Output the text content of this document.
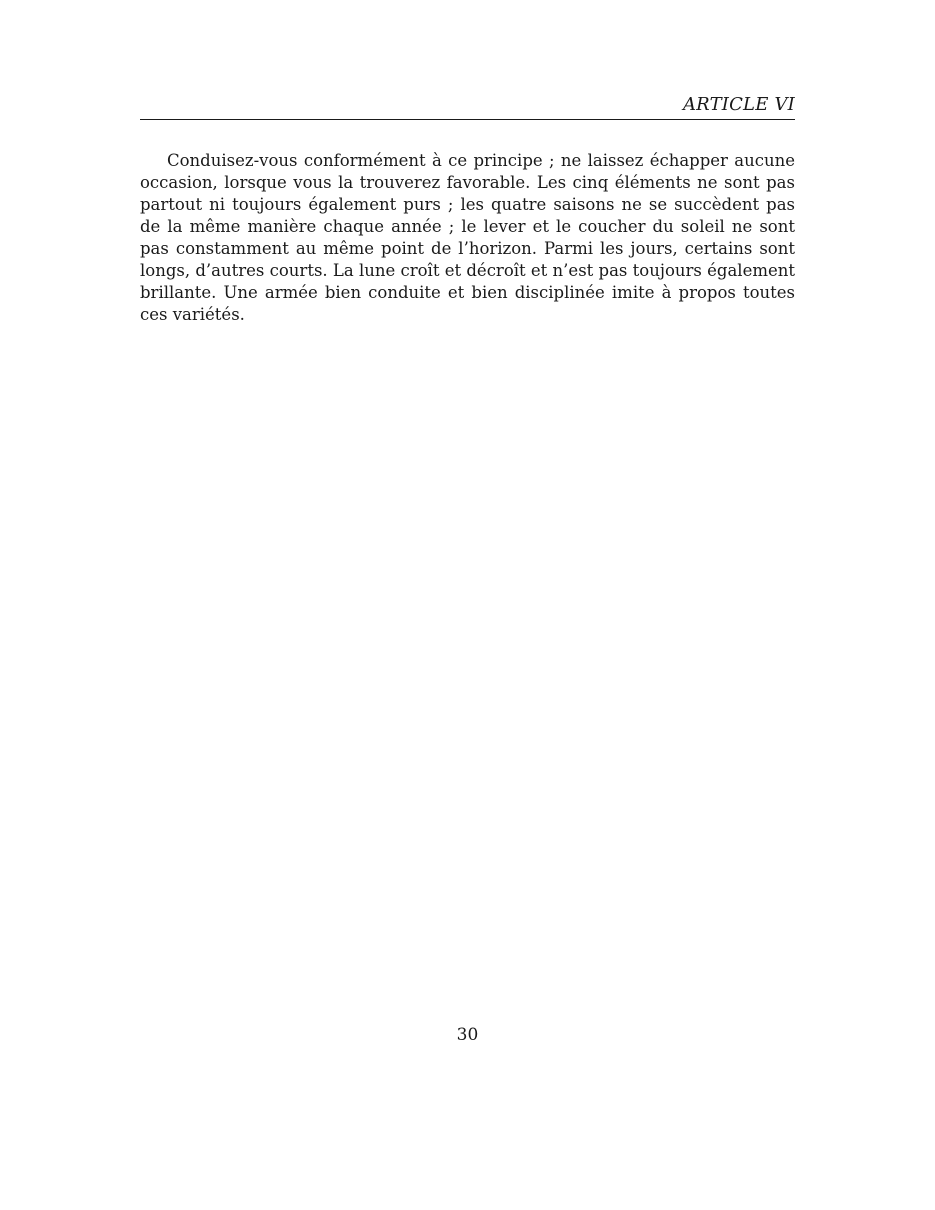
ARTICLE VI

Conduisez-vous conformément à ce principe ; ne laissez échapper aucune occasion, lorsque vous la trouverez favorable. Les cinq éléments ne sont pas partout ni toujours également purs ; les quatre saisons ne se succèdent pas de la même manière chaque année ; le lever et le coucher du soleil ne sont pas constamment au même point de l’horizon. Parmi les jours, certains sont longs, d’autres courts. La lune croît et décroît et n’est pas toujours également brillante. Une armée bien conduite et bien disciplinée imite à propos toutes ces variétés.

30
